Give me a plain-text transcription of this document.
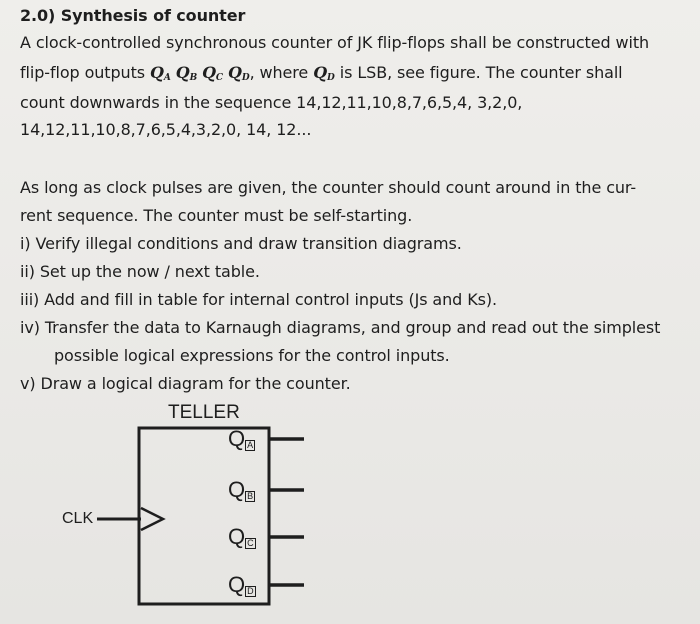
2.0) Synthesis of counter
A clock-controlled synchronous counter of JK flip-flops shall be constructed with
flip-flop outputs $Q_A$ $Q_B$ $Q_C$ $Q_D$, where $Q_D$ is LSB, see figure. The counter shall
count downwards in the sequence 14,12,11,10,8,7,6,5,4, 3,2,0,
14,12,11,10,8,7,6,5,4,3,2,0, 14, 12...
As long as clock pulses are given, the counter should count around in the cur-
rent sequence. The counter must be self-starting.
i) Verify illegal conditions and draw transition diagrams.
ii) Set up the now / next table.
iii) Add and fill in table for internal control inputs (Js and Ks).
iv) Transfer the data to Karnaugh diagrams, and group and read out the simplest
possible logical expressions for the control inputs.
v) Draw a logical diagram for the counter.
TELLER
Q $_A$
Q $_B$
Q $_C$
Q $_D$
CLK
